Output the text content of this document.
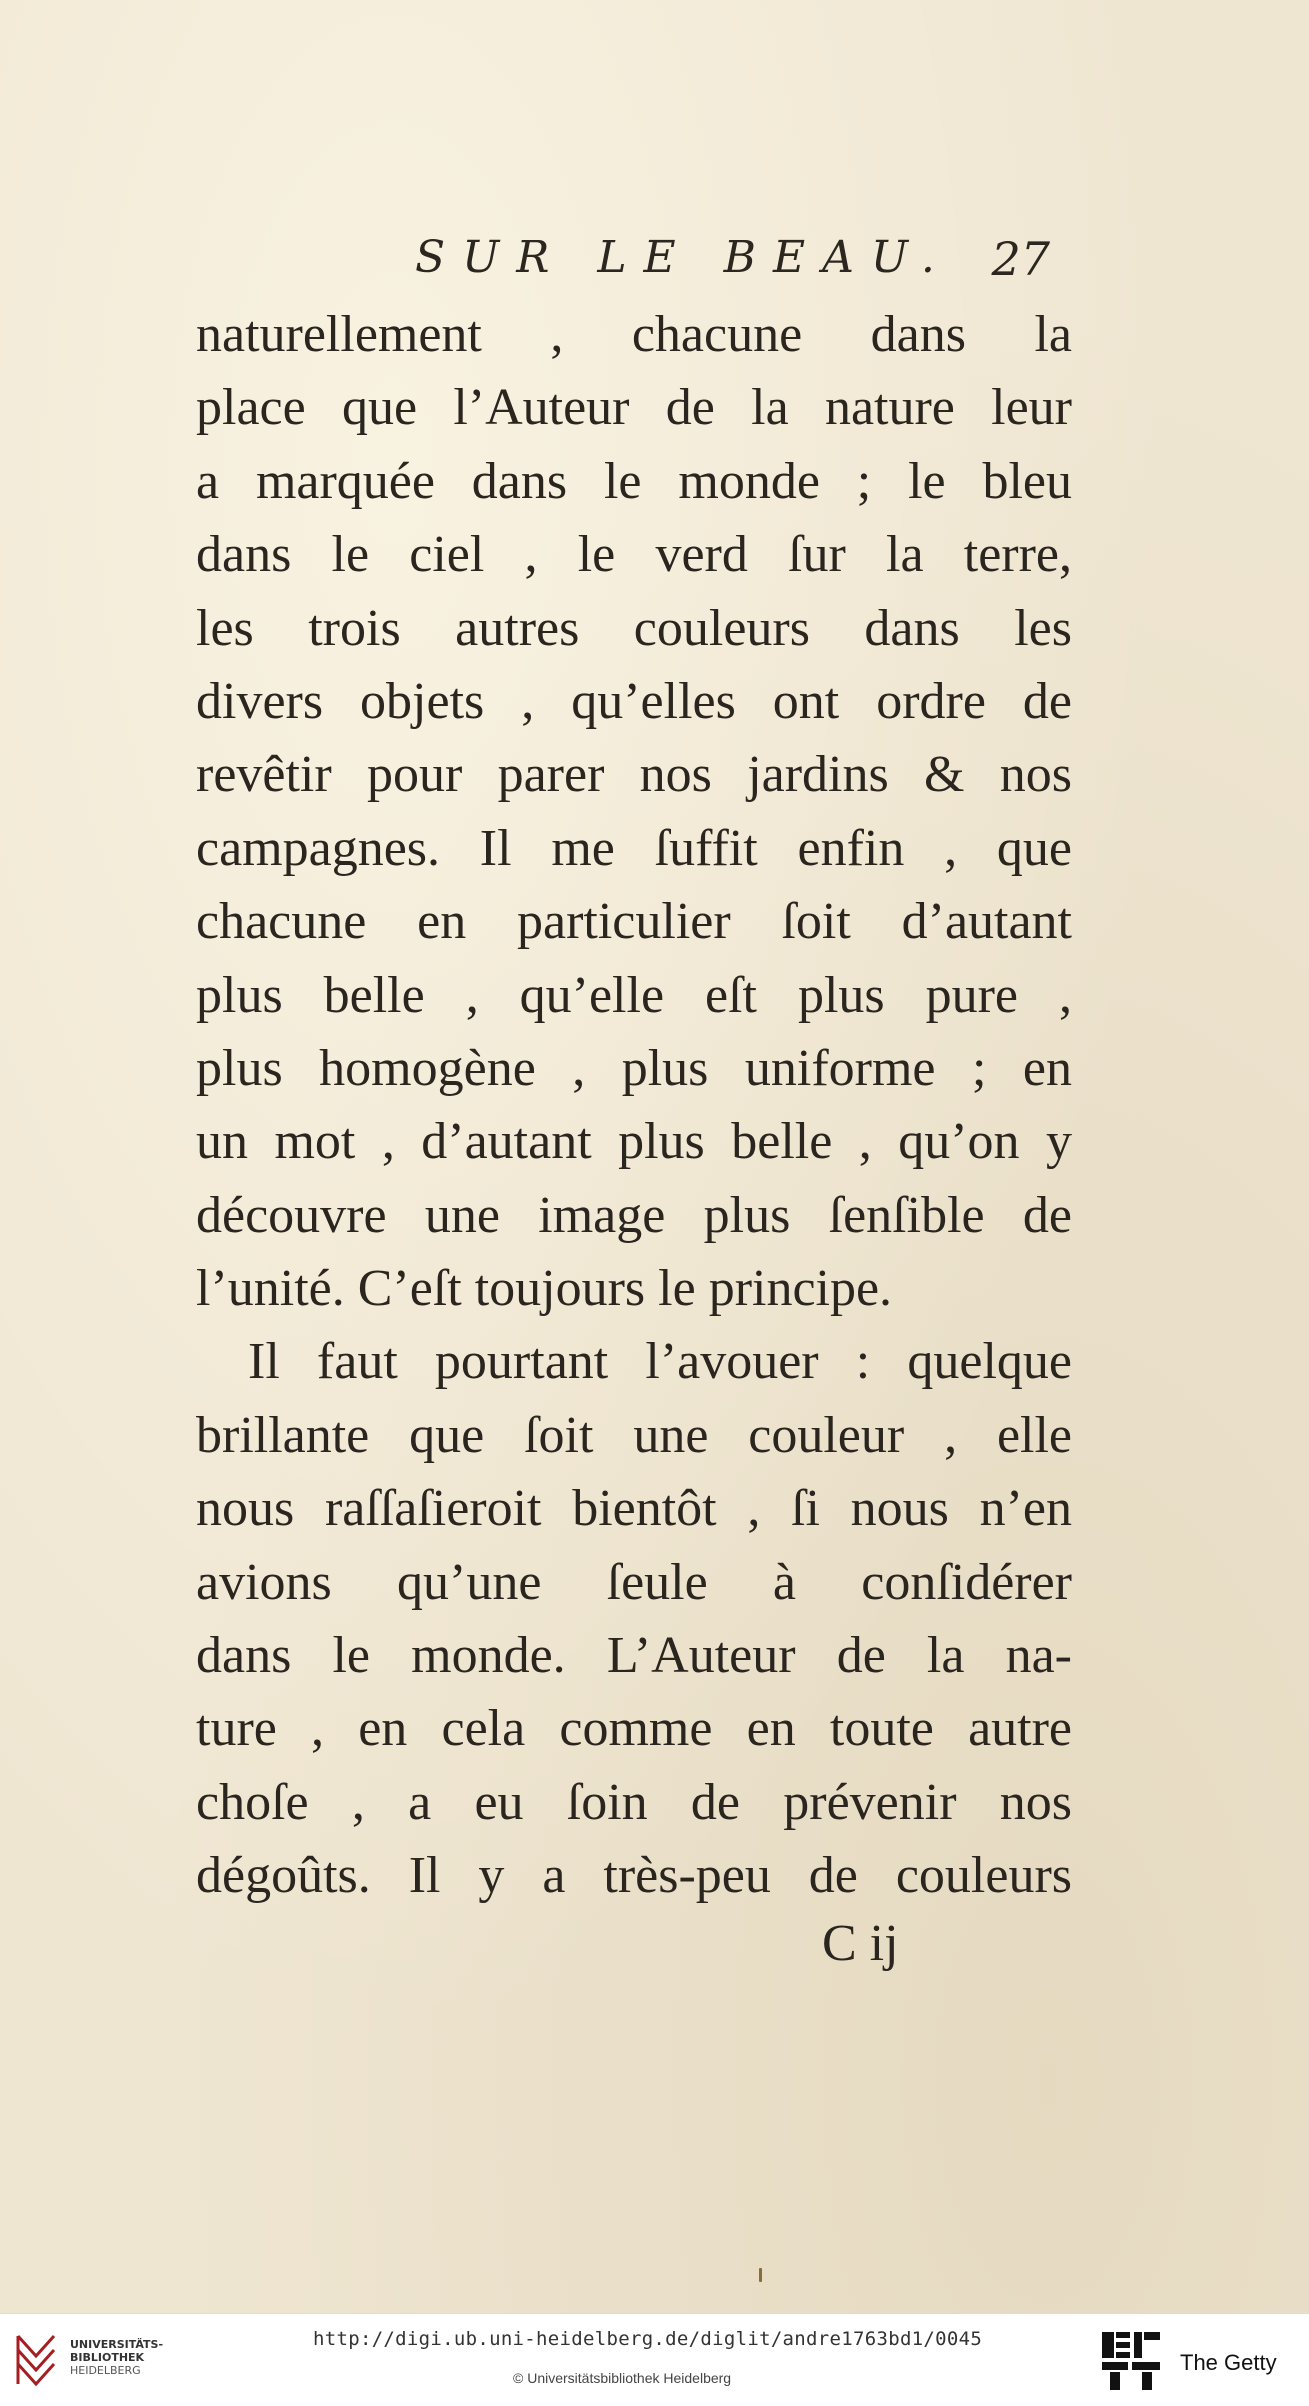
SUR LE BEAU. 27
naturellement , chacune dans la
place que l’Auteur de la nature leur
a marquée dans le monde ; le bleu
dans le ciel , le verd ſur la terre,
les trois autres couleurs dans les
divers objets , qu’elles ont ordre de
revêtir pour parer nos jardins & nos
campagnes. Il me ſuffit enfin , que
chacune en particulier ſoit d’autant
plus belle , qu’elle eſt plus pure ,
plus homogène , plus uniforme ; en
un mot , d’autant plus belle , qu’on y
découvre une image plus ſenſible de
l’unité. C’eſt toujours le principe.
Il faut pourtant l’avouer : quelque
brillante que ſoit une couleur , elle
nous raſſaſieroit bientôt , ſi nous n’en
avions qu’une ſeule à conſidérer
dans le monde. L’Auteur de la na-
ture , en cela comme en toute autre
choſe , a eu ſoin de prévenir nos
dégoûts. Il y a très-peu de couleurs
C ij
UNIVERSITÄTS-
BIBLIOTHEK
HEIDELBERG
http://digi.ub.uni-heidelberg.de/diglit/andre1763bd1/0045
© Universitätsbibliothek Heidelberg
The Getty
